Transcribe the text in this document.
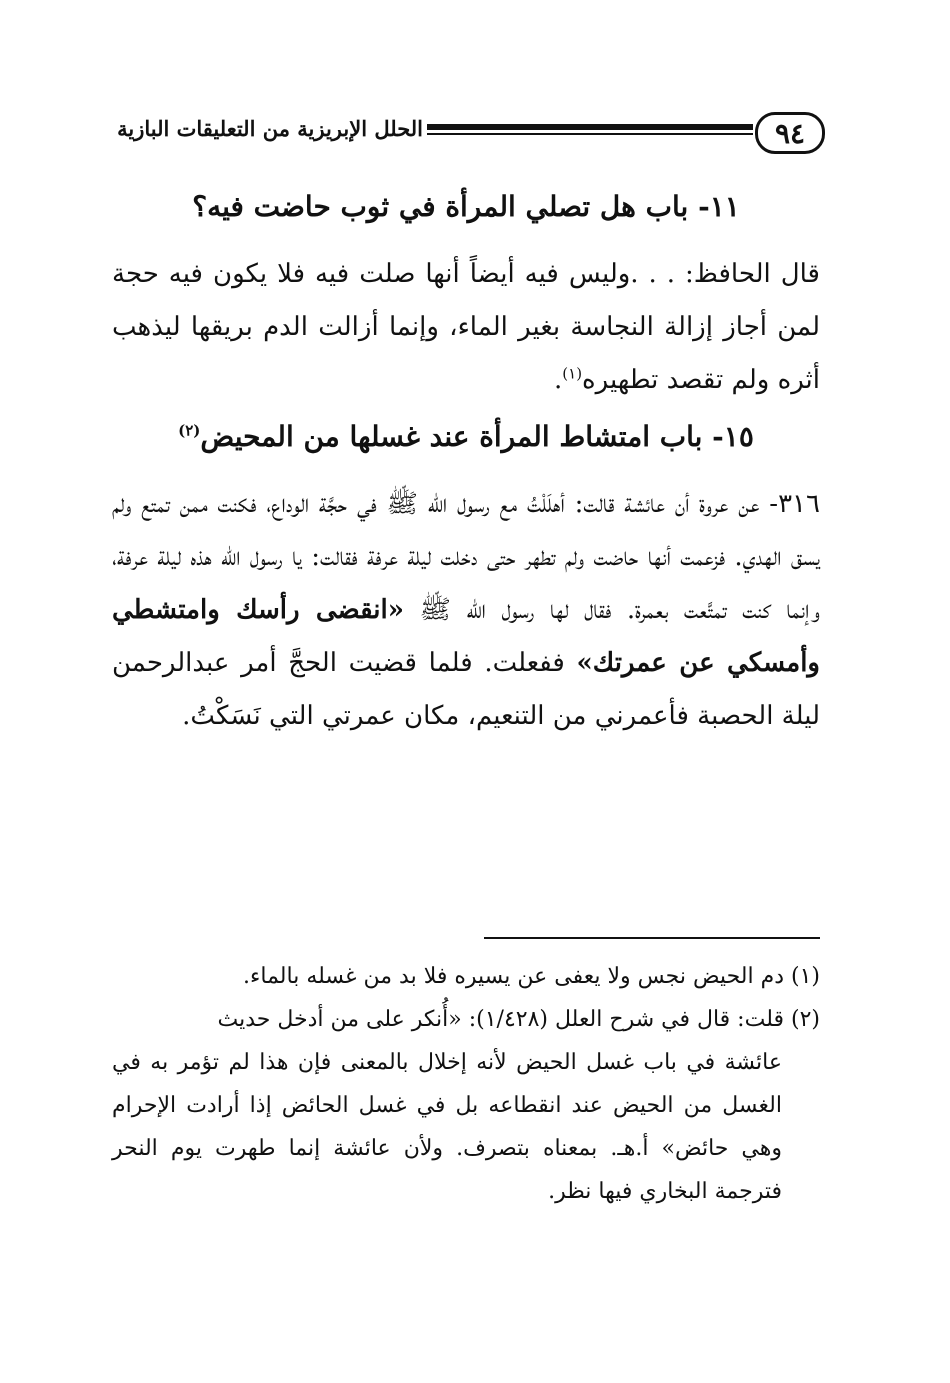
٩٤
الحلل الإبريزية من التعليقات البازية
١١- باب هل تصلي المرأة في ثوب حاضت فيه؟

قال الحافظ: . . .وليس فيه أيضاً أنها صلت فيه فلا يكون فيه حجة لمن أجاز إزالة النجاسة بغير الماء، وإنما أزالت الدم بريقها ليذهب أثره ولم تقصد تطهيره$^{(١)}$.

١٥- باب امتشاط المرأة عند غسلها من المحيض$^{(٢)}$

٣١٦- عن عروة أن عائشة قالت: أهلَلْتُ مع رسول الله ﷺ في حجَّة الوداع، فكنت ممن تمتع ولم يسق الهدي. فزعمت أنها حاضت ولم تطهر حتى دخلت ليلة عرفة فقالت: يا رسول الله هذه ليلة عرفة، وإنما كنت تمتَّعت بعمرة. فقال لها رسول الله ﷺ «انقضى رأسك وامتشطي وأمسكي عن عمرتك» ففعلت. فلما قضيت الحجَّ أمر عبدالرحمن ليلة الحصبة فأعمرني من التنعيم، مكان عمرتي التي نَسَكْتُ.

(١) دم الحيض نجس ولا يعفى عن يسيره فلا بد من غسله بالماء.

(٢) قلت: قال في شرح العلل (١/٤٢٨): «أُنكر على من أدخل حديث

عائشة في باب غسل الحيض لأنه إخلال بالمعنى فإن هذا لم تؤمر به في الغسل من الحيض عند انقطاعه بل في غسل الحائض إذا أرادت الإحرام وهي حائض» أ.هـ. بمعناه بتصرف. ولأن عائشة إنما طهرت يوم النحر فترجمة البخاري فيها نظر.
